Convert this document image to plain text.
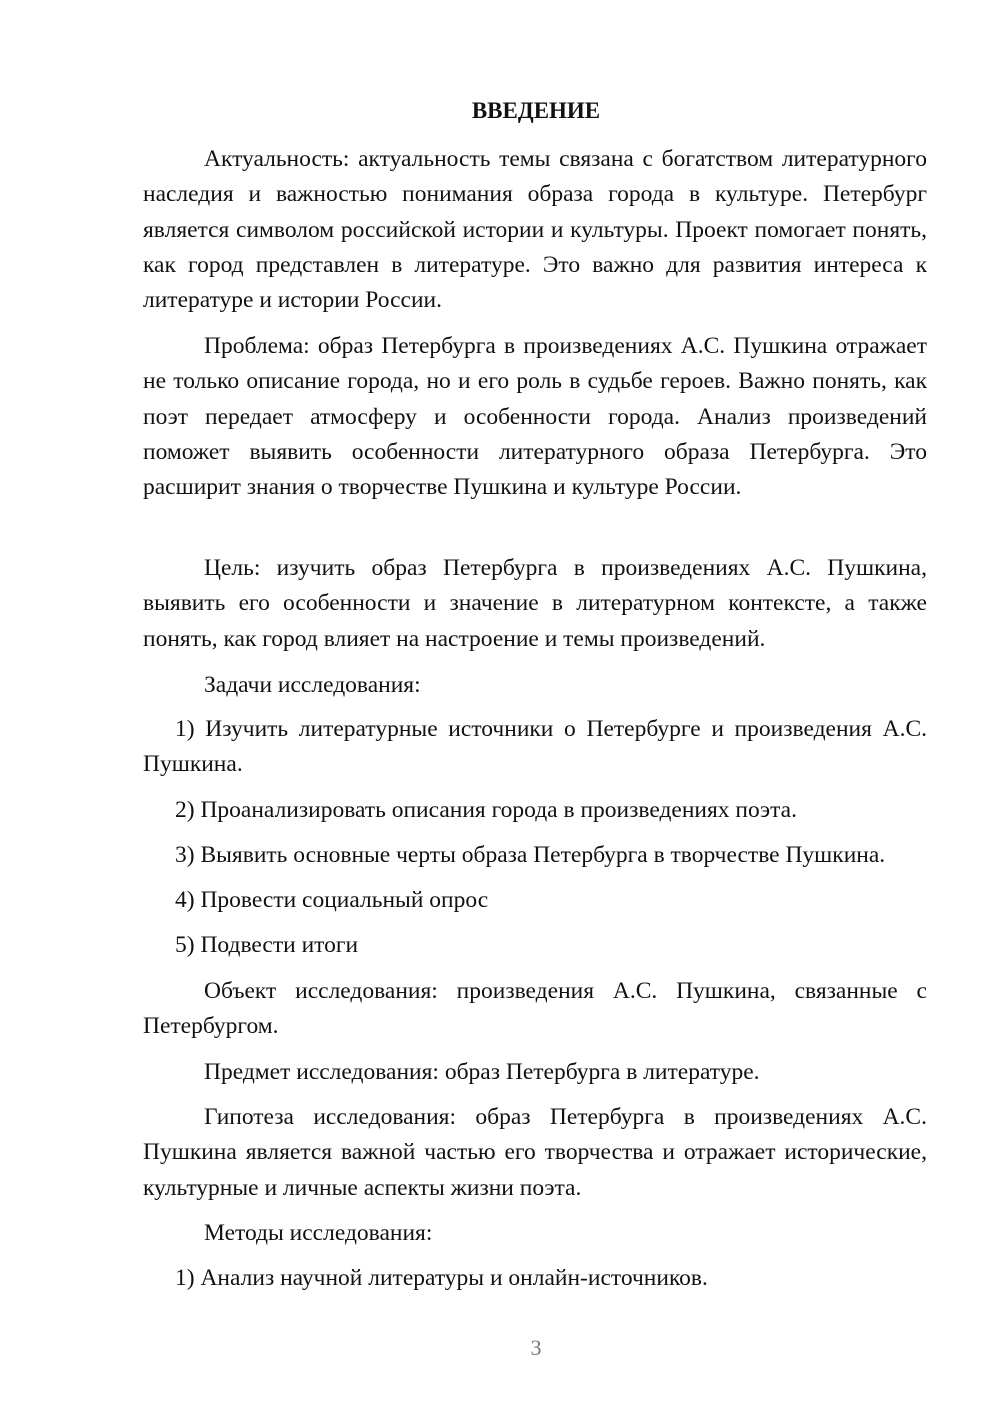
ВВЕДЕНИЕ

Актуальность: актуальность темы связана с богатством литературного наследия и важностью понимания образа города в культуре. Петербург является символом российской истории и культуры. Проект помогает понять, как город представлен в литературе. Это важно для развития интереса к литературе и истории России.

Проблема: образ Петербурга в произведениях А.С. Пушкина отражает не только описание города, но и его роль в судьбе героев. Важно понять, как поэт передает атмосферу и особенности города. Анализ произведений поможет выявить особенности литературного образа Петербурга. Это расширит знания о творчестве Пушкина и культуре России.

Цель: изучить образ Петербурга в произведениях А.С. Пушкина, выявить его особенности и значение в литературном контексте, а также понять, как город влияет на настроение и темы произведений.

Задачи исследования:

1) Изучить литературные источники о Петербурге и произведения А.С. Пушкина.

2) Проанализировать описания города в произведениях поэта.

3) Выявить основные черты образа Петербурга в творчестве Пушкина.

4) Провести социальный опрос

5) Подвести итоги

Объект исследования: произведения А.С. Пушкина, связанные с Петербургом.

Предмет исследования: образ Петербурга в литературе.

Гипотеза исследования: образ Петербурга в произведениях А.С. Пушкина является важной частью его творчества и отражает исторические, культурные и личные аспекты жизни поэта.

Методы исследования:

1) Анализ научной литературы и онлайн-источников.

3
